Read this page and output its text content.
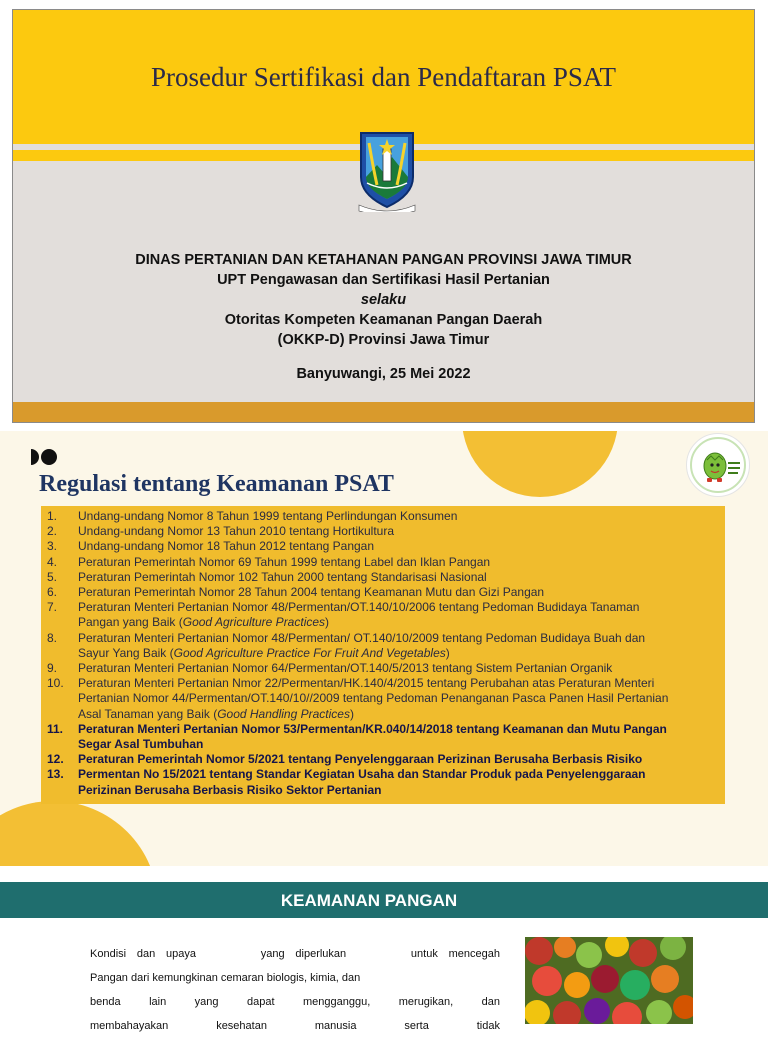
Prosedur Sertifikasi dan Pendaftaran PSAT
DINAS PERTANIAN DAN KETAHANAN PANGAN PROVINSI JAWA TIMUR
UPT Pengawasan dan Sertifikasi Hasil Pertanian
selaku
Otoritas Kompeten Keamanan Pangan Daerah
(OKKP-D) Provinsi Jawa Timur
Banyuwangi, 25 Mei 2022
Regulasi tentang Keamanan PSAT
1.	Undang-undang Nomor 8 Tahun 1999 tentang Perlindungan Konsumen
2.	Undang-undang Nomor 13 Tahun 2010 tentang Hortikultura
3.	Undang-undang Nomor 18 Tahun 2012 tentang Pangan
4.	Peraturan Pemerintah Nomor 69 Tahun 1999 tentang Label dan Iklan Pangan
5.	Peraturan Pemerintah Nomor 102 Tahun 2000 tentang Standarisasi Nasional
6.	Peraturan Pemerintah Nomor 28 Tahun 2004 tentang Keamanan Mutu dan Gizi Pangan
7.	Peraturan Menteri Pertanian Nomor 48/Permentan/OT.140/10/2006 tentang Pedoman Budidaya Tanaman
Pangan yang Baik (Good Agriculture Practices)
8.	Peraturan Menteri Pertanian Nomor 48/Permentan/ OT.140/10/2009 tentang Pedoman Budidaya Buah dan
Sayur Yang Baik (Good Agriculture Practice For Fruit And Vegetables)
9.	Peraturan Menteri Pertanian Nomor 64/Permentan/OT.140/5/2013 tentang Sistem Pertanian Organik
10.	Peraturan Menteri Pertanian Nmor 22/Permentan/HK.140/4/2015 tentang Perubahan atas Peraturan Menteri
Pertanian Nomor 44/Permentan/OT.140/10//2009 tentang Pedoman Penanganan Pasca Panen Hasil Pertanian
Asal Tanaman yang Baik (Good Handling Practices)
11.	Peraturan Menteri Pertanian Nomor 53/Permentan/KR.040/14/2018 tentang Keamanan dan Mutu Pangan
Segar Asal Tumbuhan
12.	Peraturan Pemerintah Nomor 5/2021 tentang Penyelenggaraan Perizinan Berusaha Berbasis Risiko
13.	Permentan No 15/2021 tentang Standar Kegiatan Usaha dan Standar Produk pada Penyelenggaraan
Perizinan Berusaha Berbasis Risiko Sektor Pertanian
KEAMANAN PANGAN
Kondisi  dan  upaya            yang  diperlukan            untuk  mencegah
Pangan dari kemungkinan cemaran biologis, kimia, dan
benda lain yang dapat mengganggu, merugikan, dan
membahayakan kesehatan manusia serta tidak
